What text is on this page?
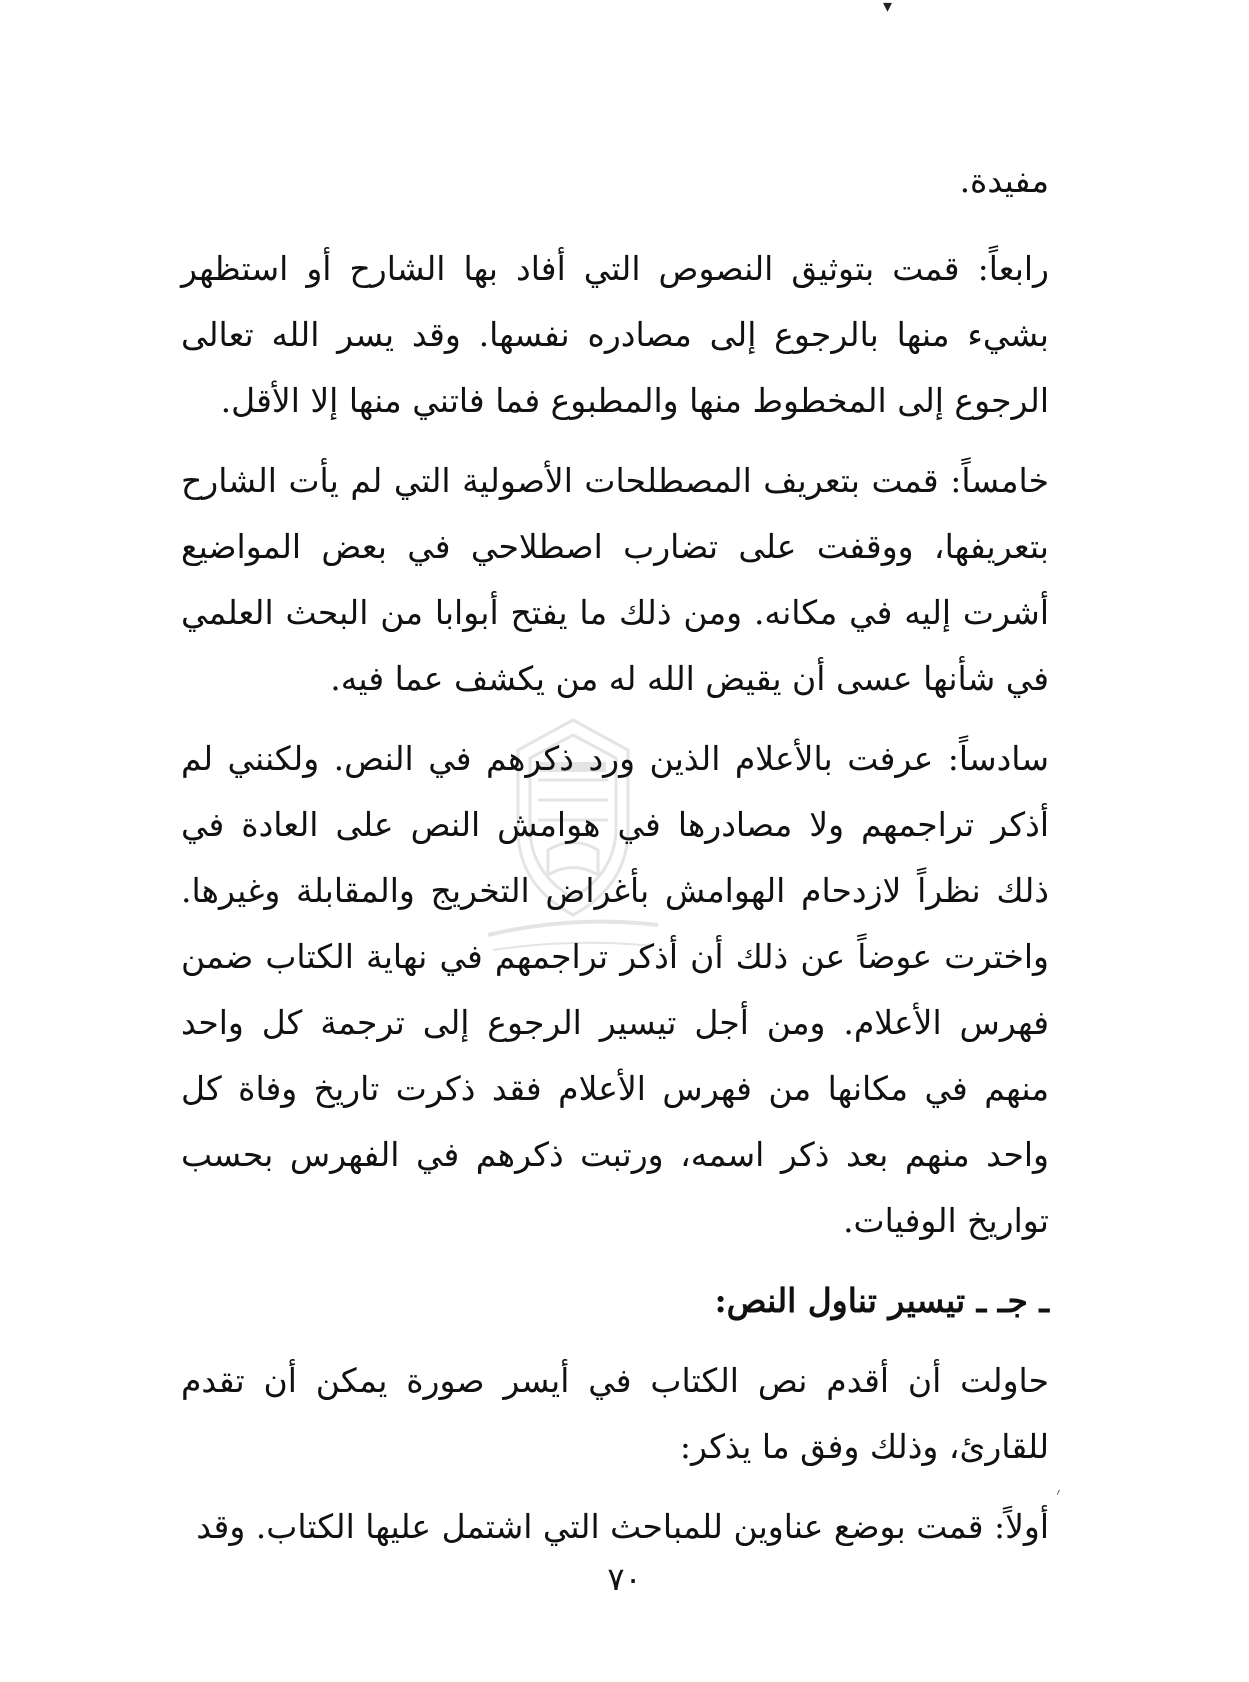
▾

مفيدة.

رابعاً: قمت بتوثيق النصوص التي أفاد بها الشارح أو استظهر بشيء منها بالرجوع إلى مصادره نفسها. وقد يسر الله تعالى الرجوع إلى المخطوط منها والمطبوع فما فاتني منها إلا الأقل.

خامساً: قمت بتعريف المصطلحات الأصولية التي لم يأت الشارح بتعريفها، ووقفت على تضارب اصطلاحي في بعض المواضيع أشرت إليه في مكانه. ومن ذلك ما يفتح أبوابا من البحث العلمي في شأنها عسى أن يقيض الله له من يكشف عما فيه.

سادساً: عرفت بالأعلام الذين ورد ذكرهم في النص. ولكنني لم أذكر تراجمهم ولا مصادرها في هوامش النص على العادة في ذلك نظراً لازدحام الهوامش بأغراض التخريج والمقابلة وغيرها. واخترت عوضاً عن ذلك أن أذكر تراجمهم في نهاية الكتاب ضمن فهرس الأعلام. ومن أجل تيسير الرجوع إلى ترجمة كل واحد منهم في مكانها من فهرس الأعلام فقد ذكرت تاريخ وفاة كل واحد منهم بعد ذكر اسمه، ورتبت ذكرهم في الفهرس بحسب تواريخ الوفيات.

ـ جـ ـ تيسير تناول النص:

حاولت أن أقدم نص الكتاب في أيسر صورة يمكن أن تقدم للقارئ، وذلك وفق ما يذكر:

أولاً: قمت بوضع عناوين للمباحث التي اشتمل عليها الكتاب. وقد

׳
٧٠
